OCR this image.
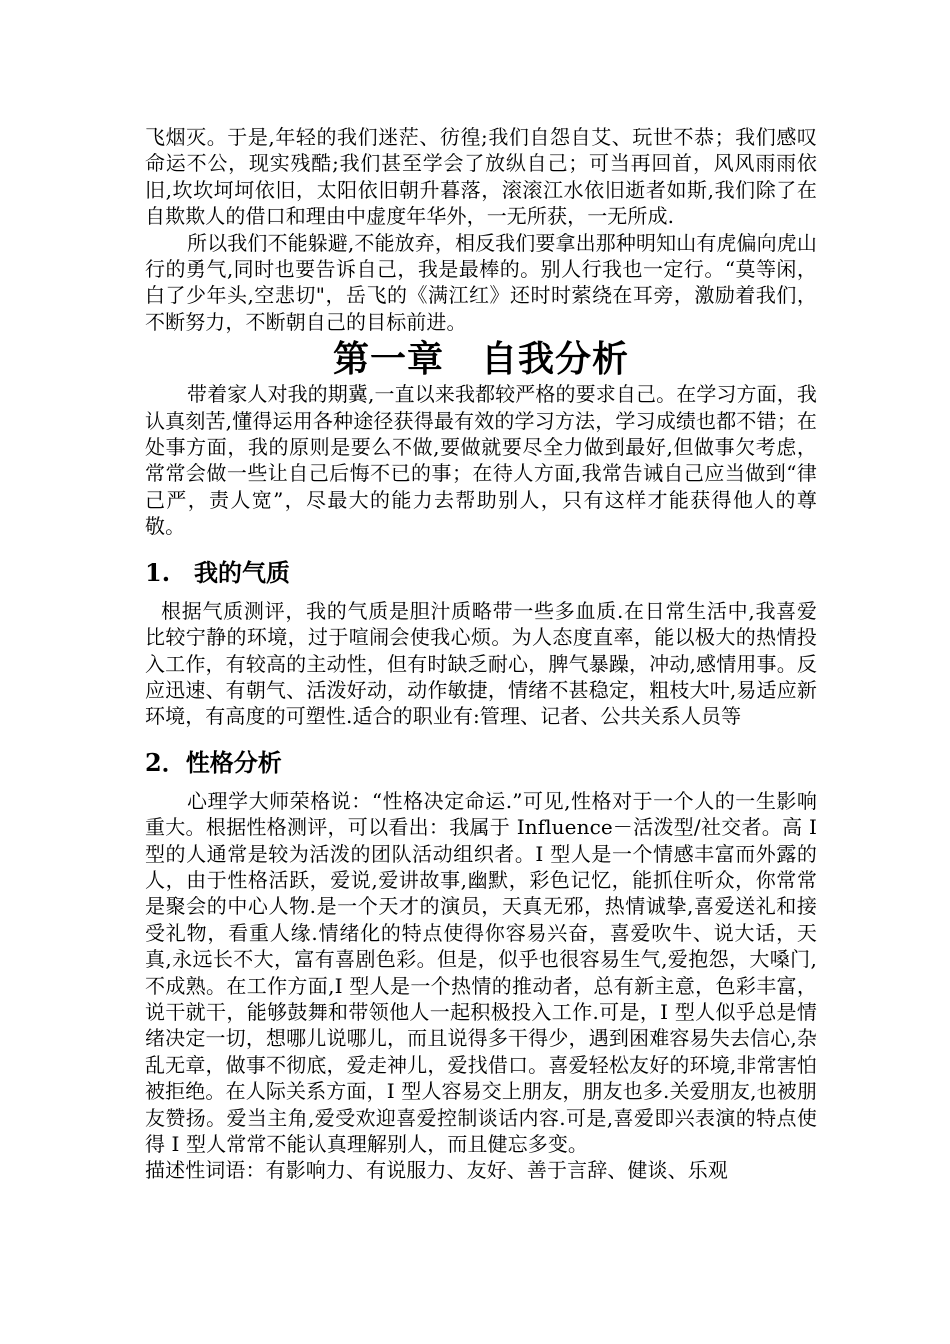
飞烟灭。于是,年轻的我们迷茫、彷徨;我们自怨自艾、玩世不恭；我们感叹命运不公，现实残酷;我们甚至学会了放纵自己；可当再回首，风风雨雨依旧,坎坎坷坷依旧，太阳依旧朝升暮落，滚滚江水依旧逝者如斯,我们除了在自欺欺人的借口和理由中虚度年华外，一无所获，一无所成.

所以我们不能躲避,不能放弃，相反我们要拿出那种明知山有虎偏向虎山行的勇气,同时也要告诉自己，我是最棒的。别人行我也一定行。“莫等闲，白了少年头,空悲切"，岳飞的《满江红》还时时萦绕在耳旁，激励着我们，不断努力，不断朝自己的目标前进。

第一章　自我分析

带着家人对我的期冀,一直以来我都较严格的要求自己。在学习方面，我认真刻苦,懂得运用各种途径获得最有效的学习方法，学习成绩也都不错；在处事方面，我的原则是要么不做,要做就要尽全力做到最好,但做事欠考虑，常常会做一些让自己后悔不已的事；在待人方面,我常告诫自己应当做到“律己严，责人宽”，尽最大的能力去帮助别人，只有这样才能获得他人的尊敬。

1.　我的气质

根据气质测评，我的气质是胆汁质略带一些多血质.在日常生活中,我喜爱比较宁静的环境，过于喧闹会使我心烦。为人态度直率，能以极大的热情投入工作，有较高的主动性，但有时缺乏耐心，脾气暴躁，冲动,感情用事。反应迅速、有朝气、活泼好动，动作敏捷，情绪不甚稳定，粗枝大叶,易适应新环境，有高度的可塑性.适合的职业有:管理、记者、公共关系人员等

2．性格分析

心理学大师荣格说：“性格决定命运.”可见,性格对于一个人的一生影响重大。根据性格测评，可以看出：我属于 Influence－活泼型/社交者。高 I 型的人通常是较为活泼的团队活动组织者。I 型人是一个情感丰富而外露的人，由于性格活跃，爱说,爱讲故事,幽默，彩色记忆，能抓住听众，你常常是聚会的中心人物.是一个天才的演员，天真无邪，热情诚挚,喜爱送礼和接受礼物，看重人缘.情绪化的特点使得你容易兴奋，喜爱吹牛、说大话，天真,永远长不大，富有喜剧色彩。但是，似乎也很容易生气,爱抱怨，大嗓门,不成熟。在工作方面,I 型人是一个热情的推动者，总有新主意，色彩丰富，说干就干，能够鼓舞和带领他人一起积极投入工作.可是，I 型人似乎总是情绪决定一切，想哪儿说哪儿，而且说得多干得少，遇到困难容易失去信心,杂乱无章，做事不彻底，爱走神儿，爱找借口。喜爱轻松友好的环境,非常害怕被拒绝。在人际关系方面，I 型人容易交上朋友，朋友也多.关爱朋友,也被朋友赞扬。爱当主角,爱受欢迎喜爱控制谈话内容.可是,喜爱即兴表演的特点使得 I 型人常常不能认真理解别人，而且健忘多变。

描述性词语：有影响力、有说服力、友好、善于言辞、健谈、乐观
